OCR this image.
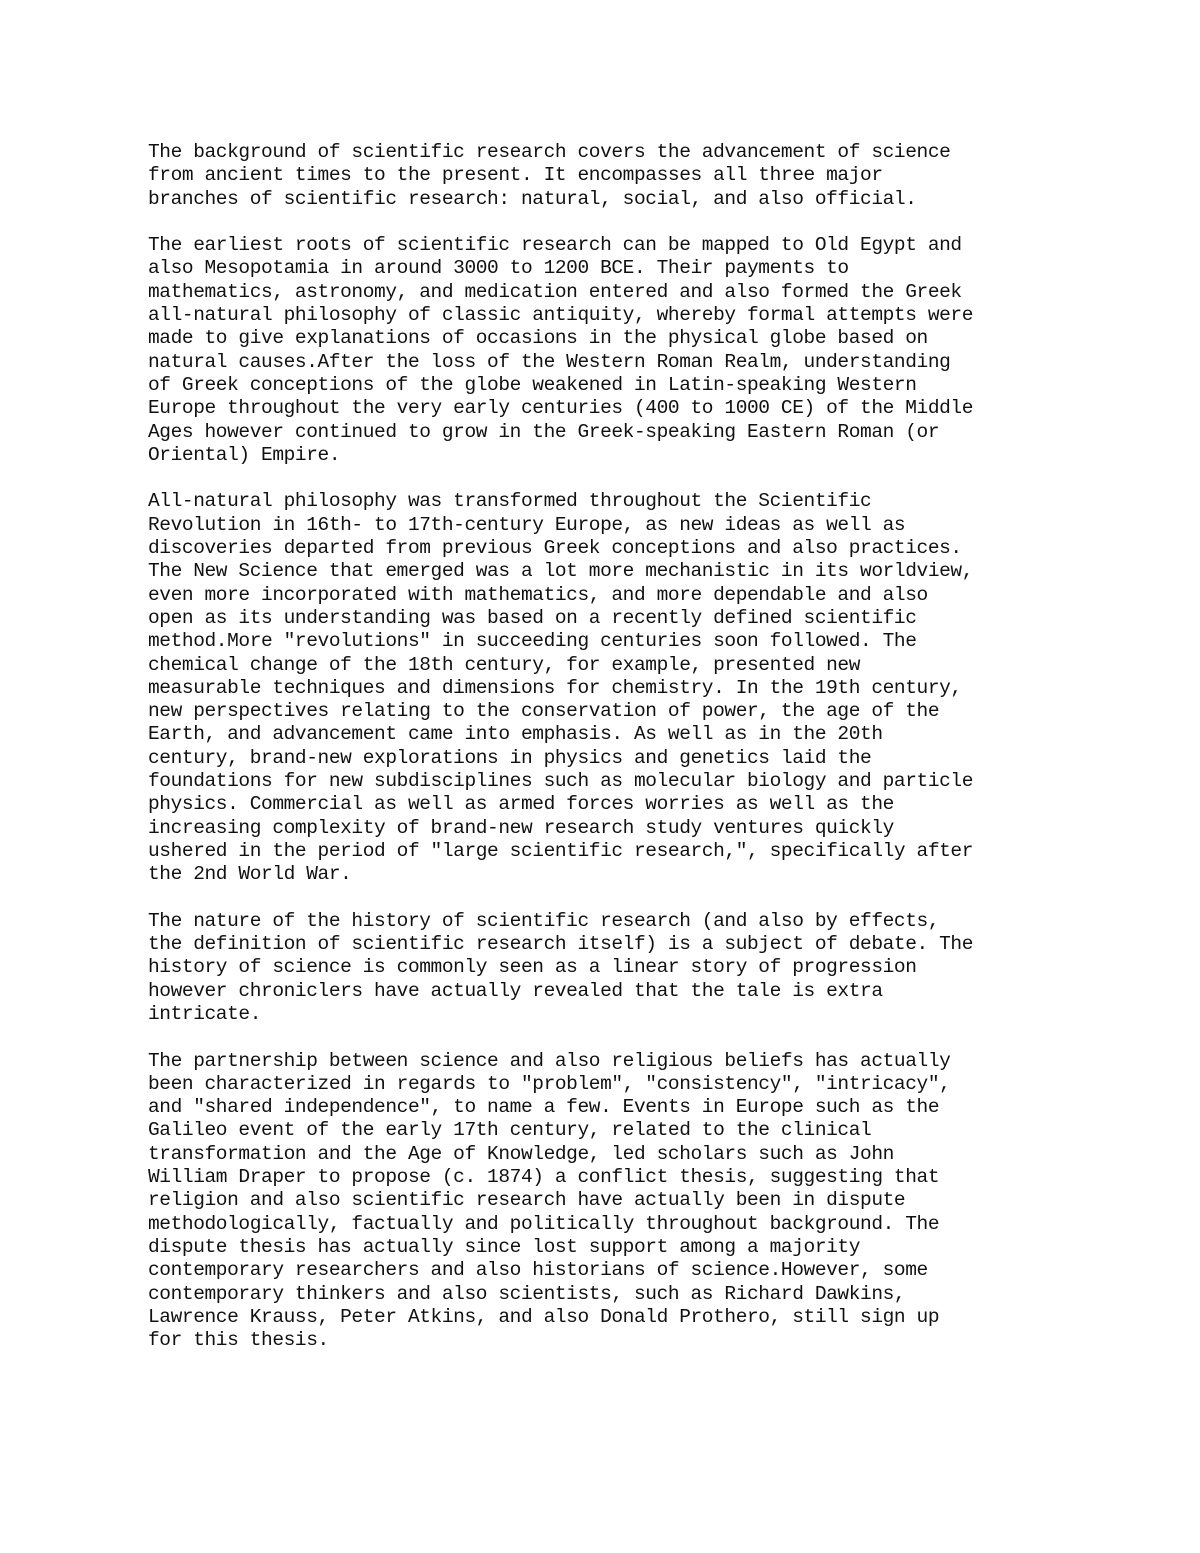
The background of scientific research covers the advancement of science
from ancient times to the present. It encompasses all three major
branches of scientific research: natural, social, and also official.

The earliest roots of scientific research can be mapped to Old Egypt and
also Mesopotamia in around 3000 to 1200 BCE. Their payments to
mathematics, astronomy, and medication entered and also formed the Greek
all-natural philosophy of classic antiquity, whereby formal attempts were
made to give explanations of occasions in the physical globe based on
natural causes.After the loss of the Western Roman Realm, understanding
of Greek conceptions of the globe weakened in Latin-speaking Western
Europe throughout the very early centuries (400 to 1000 CE) of the Middle
Ages however continued to grow in the Greek-speaking Eastern Roman (or
Oriental) Empire.

All-natural philosophy was transformed throughout the Scientific
Revolution in 16th- to 17th-century Europe, as new ideas as well as
discoveries departed from previous Greek conceptions and also practices.
The New Science that emerged was a lot more mechanistic in its worldview,
even more incorporated with mathematics, and more dependable and also
open as its understanding was based on a recently defined scientific
method.More "revolutions" in succeeding centuries soon followed. The
chemical change of the 18th century, for example, presented new
measurable techniques and dimensions for chemistry. In the 19th century,
new perspectives relating to the conservation of power, the age of the
Earth, and advancement came into emphasis. As well as in the 20th
century, brand-new explorations in physics and genetics laid the
foundations for new subdisciplines such as molecular biology and particle
physics. Commercial as well as armed forces worries as well as the
increasing complexity of brand-new research study ventures quickly
ushered in the period of "large scientific research,", specifically after
the 2nd World War.

The nature of the history of scientific research (and also by effects,
the definition of scientific research itself) is a subject of debate. The
history of science is commonly seen as a linear story of progression
however chroniclers have actually revealed that the tale is extra
intricate.

The partnership between science and also religious beliefs has actually
been characterized in regards to "problem", "consistency", "intricacy",
and "shared independence", to name a few. Events in Europe such as the
Galileo event of the early 17th century, related to the clinical
transformation and the Age of Knowledge, led scholars such as John
William Draper to propose (c. 1874) a conflict thesis, suggesting that
religion and also scientific research have actually been in dispute
methodologically, factually and politically throughout background. The
dispute thesis has actually since lost support among a majority
contemporary researchers and also historians of science.However, some
contemporary thinkers and also scientists, such as Richard Dawkins,
Lawrence Krauss, Peter Atkins, and also Donald Prothero, still sign up
for this thesis.
